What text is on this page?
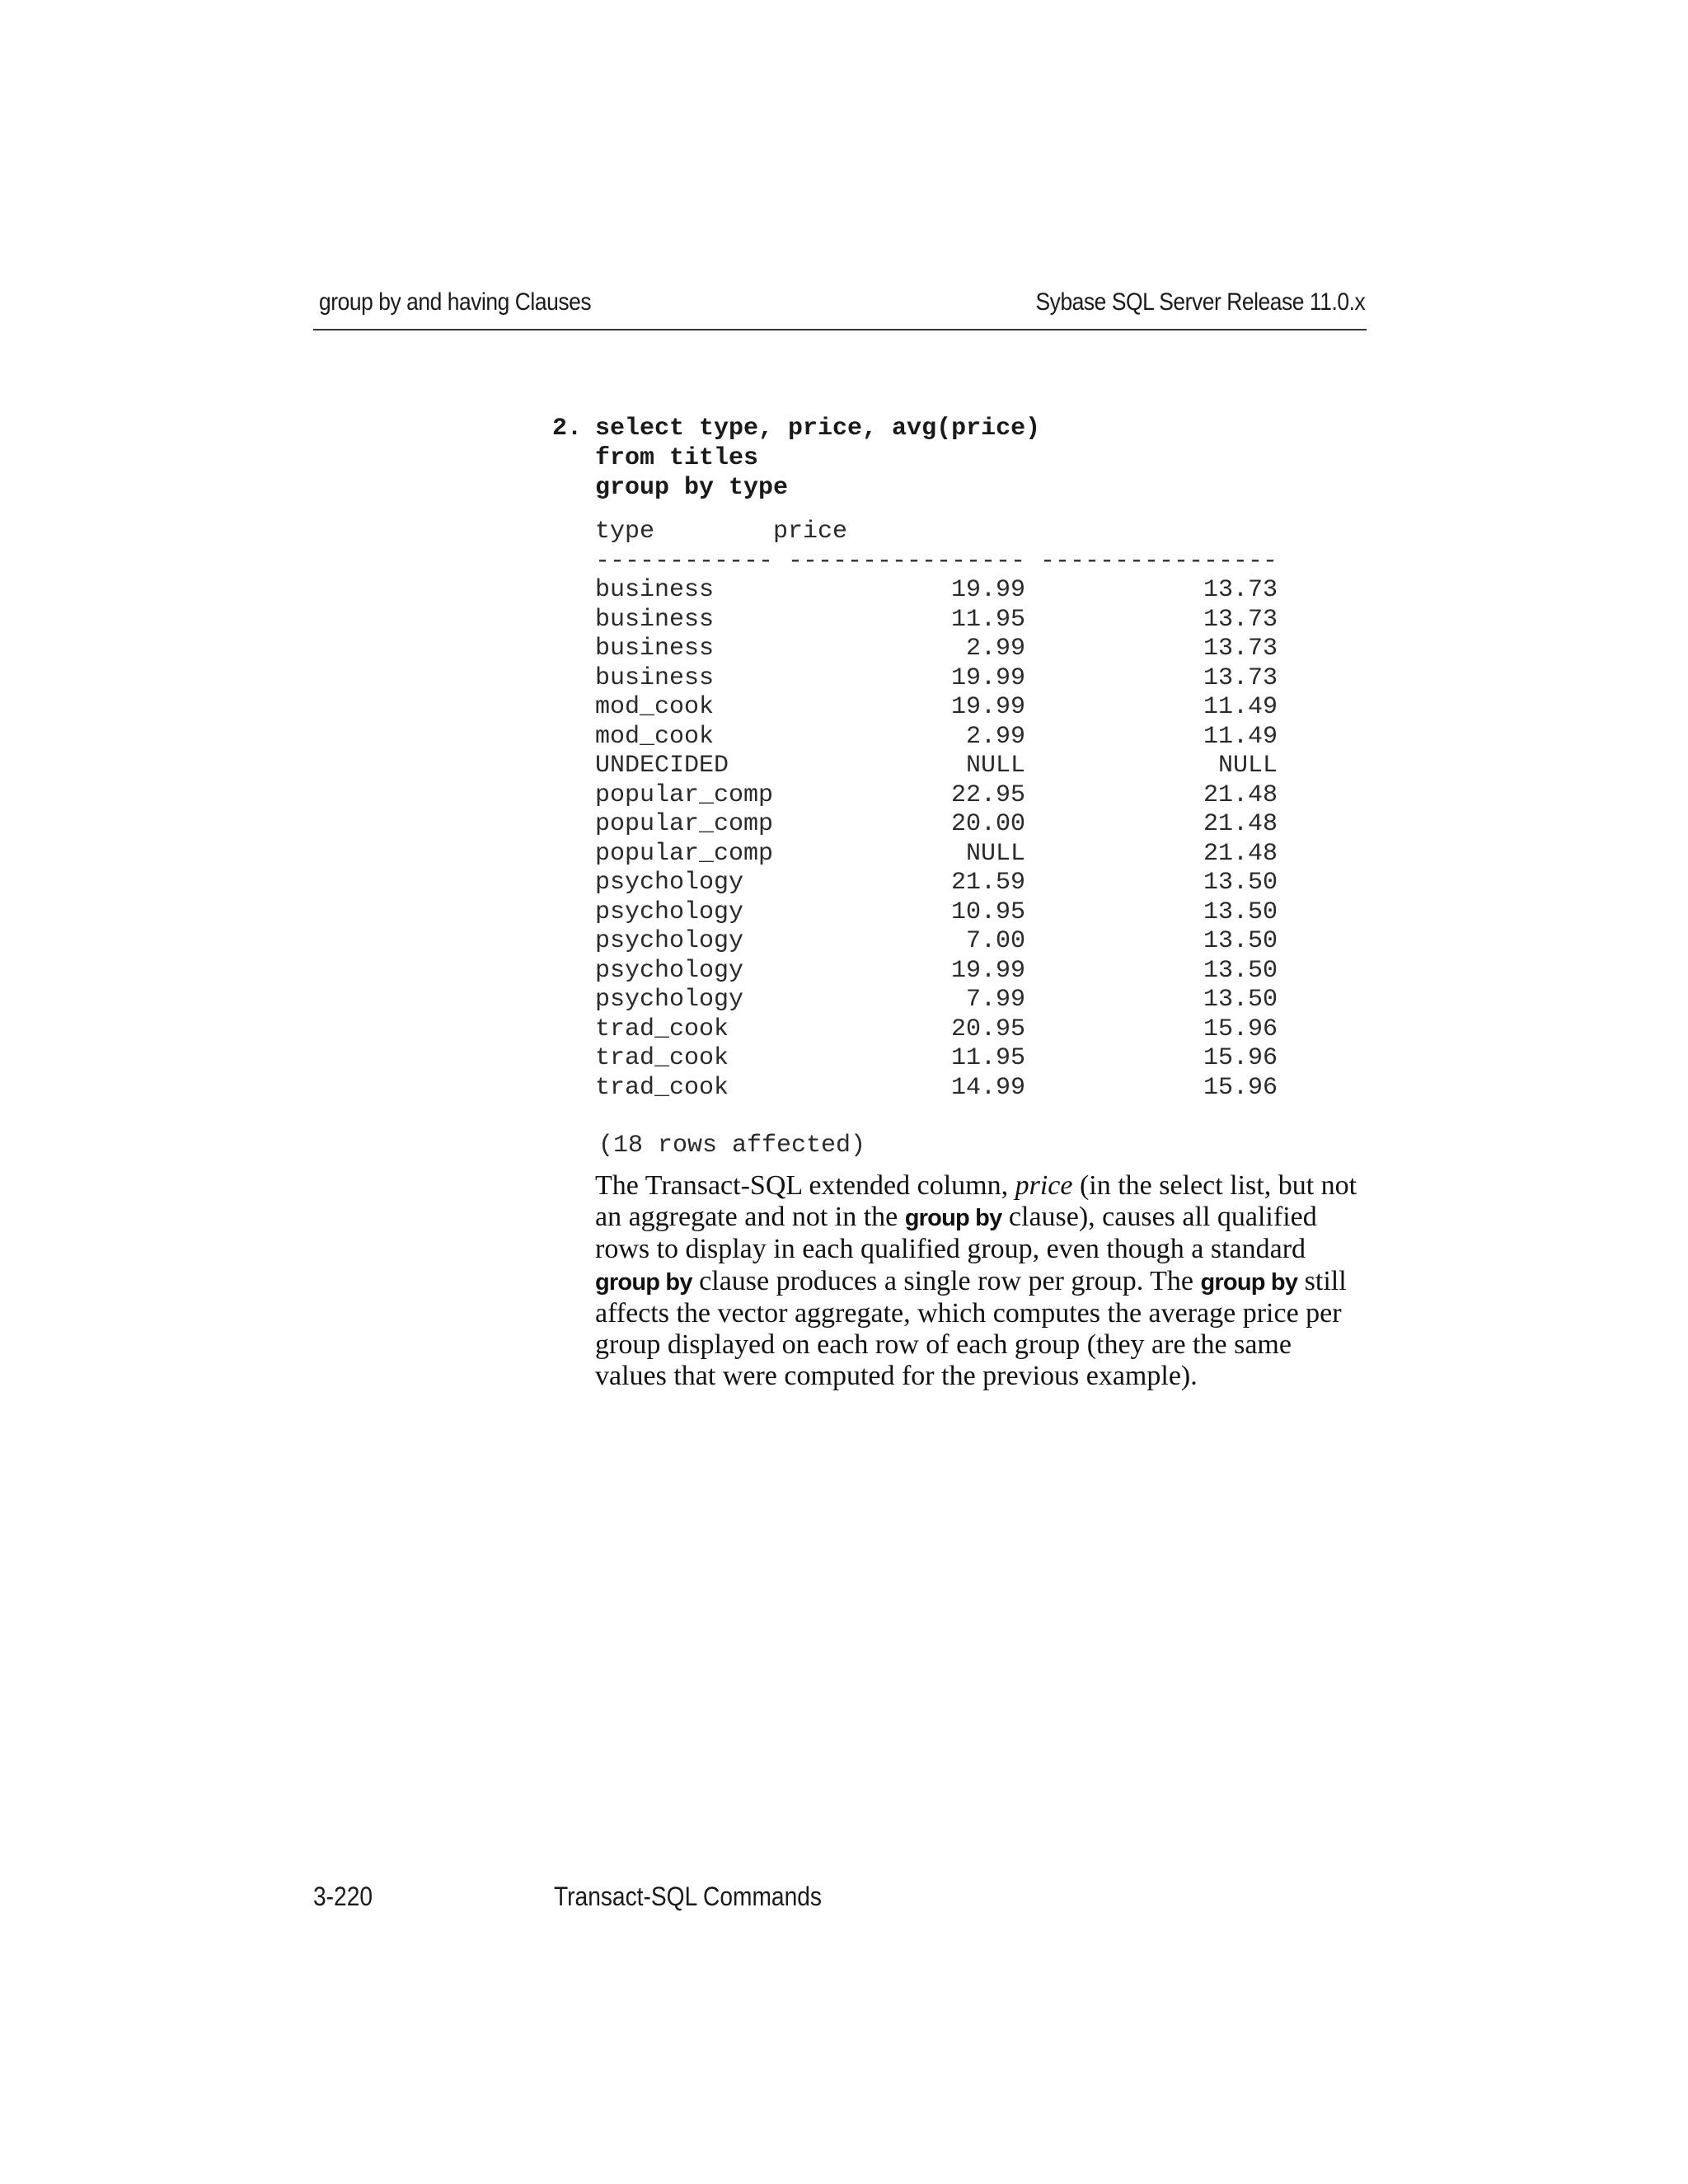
group by and having Clauses	Sybase SQL Server Release 11.0.x
2. select type, price, avg(price)
from titles
group by type
type	price
------------ ---------------- ----------------
business	19.99	13.73
business	11.95	13.73
business	2.99	13.73
business	19.99	13.73
mod_cook	19.99	11.49
mod_cook	2.99	11.49
UNDECIDED	NULL	NULL
popular_comp	22.95	21.48
popular_comp	20.00	21.48
popular_comp	NULL	21.48
psychology	21.59	13.50
psychology	10.95	13.50
psychology	7.00	13.50
psychology	19.99	13.50
psychology	7.99	13.50
trad_cook	20.95	15.96
trad_cook	11.95	15.96
trad_cook	14.99	15.96
(18 rows affected)
The Transact-SQL extended column, price (in the select list, but not an aggregate and not in the group by clause), causes all qualified rows to display in each qualified group, even though a standard  group by clause produces a single row per group. The group by still affects the vector aggregate, which computes the average price per group displayed on each row of each group (they are the same values that were computed for the previous example).
3-220	Transact-SQL Commands
